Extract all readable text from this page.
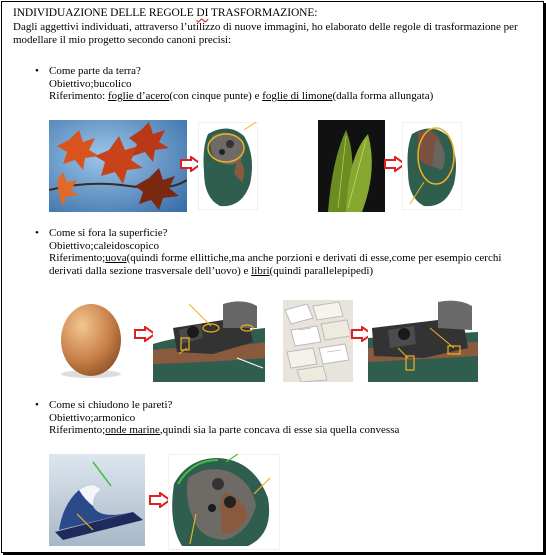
INDIVIDUAZIONE DELLE REGOLE DI TRASFORMAZIONE:
Dagli aggettivi individuati, attraverso l’utilizzo di nuove immagini, ho elaborato delle regole di trasformazione per modellare il mio progetto secondo canoni precisi:
• Come parte da terra?
Obiettivo;bucolico
Riferimento: foglie d’acero(con cinque punte) e foglie di limone(dalla forma allungata)
• Come si fora la superficie?
Obiettivo;caleidoscopico
Riferimento;uova(quindi forme ellittiche,ma anche porzioni e derivati di esse,come per esempio cerchi derivati dalla sezione trasversale dell’uovo) e libri(quindi parallelepipedi)
• Come si chiudono le pareti?
Obiettivo;armonico
Riferimento;onde marine,quindi sia la parte concava di esse sia quella convessa
